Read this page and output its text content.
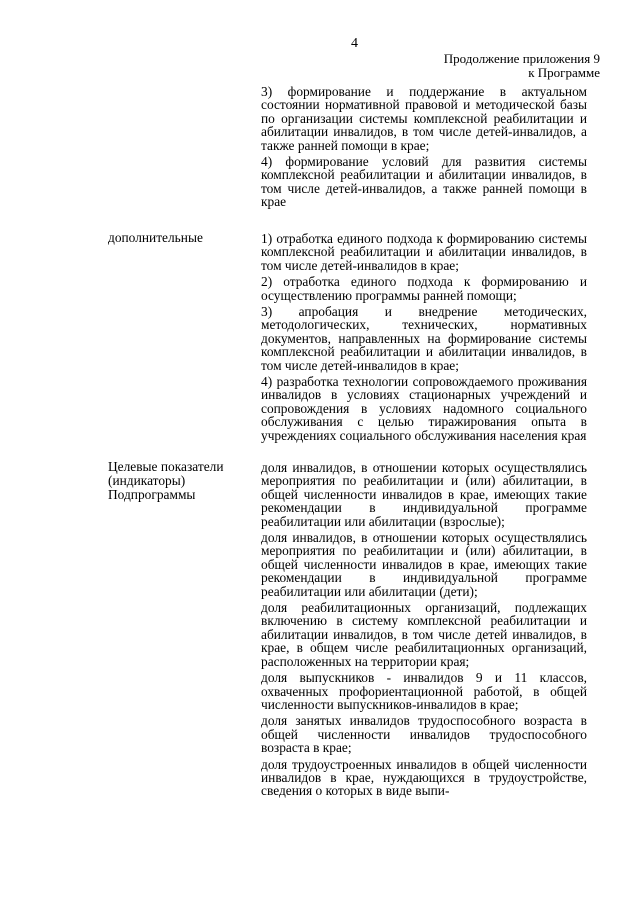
4
Продолжение приложения 9
к Программе
3) формирование и поддержание в актуальном состоянии нормативной правовой и методической базы по организации системы комплексной реабилитации и абилитации инвалидов, в том числе детей-инвалидов, а также ранней помощи в крае;
4) формирование условий для развития системы комплексной реабилитации и абилитации инвалидов, в том числе детей-инвалидов, а также ранней помощи в крае
дополнительные	1) отработка единого подхода к формированию системы комплексной реабилитации и абилитации инвалидов, в том числе детей-инвалидов в крае;
2) отработка единого подхода к формированию и осуществлению программы ранней помощи;
3) апробация и внедрение методических, методологических, технических, нормативных документов, направленных на формирование системы комплексной реабилитации и абилитации инвалидов, в том числе детей-инвалидов в крае;
4) разработка технологии сопровождаемого проживания инвалидов в условиях стационарных учреждений и сопровождения в условиях надомного социального обслуживания с целью тиражирования опыта в учреждениях социального обслуживания населения края
Целевые показатели
(индикаторы)
Подпрограммы
доля инвалидов, в отношении которых осуществлялись мероприятия по реабилитации и (или) абилитации, в общей численности инвалидов в крае, имеющих такие рекомендации в индивидуальной программе реабилитации или абилитации (взрослые);
доля инвалидов, в отношении которых осуществлялись мероприятия по реабилитации и (или) абилитации, в общей численности инвалидов в крае, имеющих такие рекомендации в индивидуальной программе реабилитации или абилитации (дети);
доля реабилитационных организаций, подлежащих включению в систему комплексной реабилитации и абилитации инвалидов, в том числе детей инвалидов, в крае, в общем числе реабилитационных организаций, расположенных на территории края;
доля выпускников - инвалидов 9 и 11 классов, охваченных профориентационной работой, в общей численности выпускников-инвалидов в крае;
доля занятых инвалидов трудоспособного возраста в общей численности инвалидов трудоспособного возраста в крае;
доля трудоустроенных инвалидов в общей численности инвалидов в крае, нуждающихся в трудоустройстве, сведения о которых в виде выпи-
